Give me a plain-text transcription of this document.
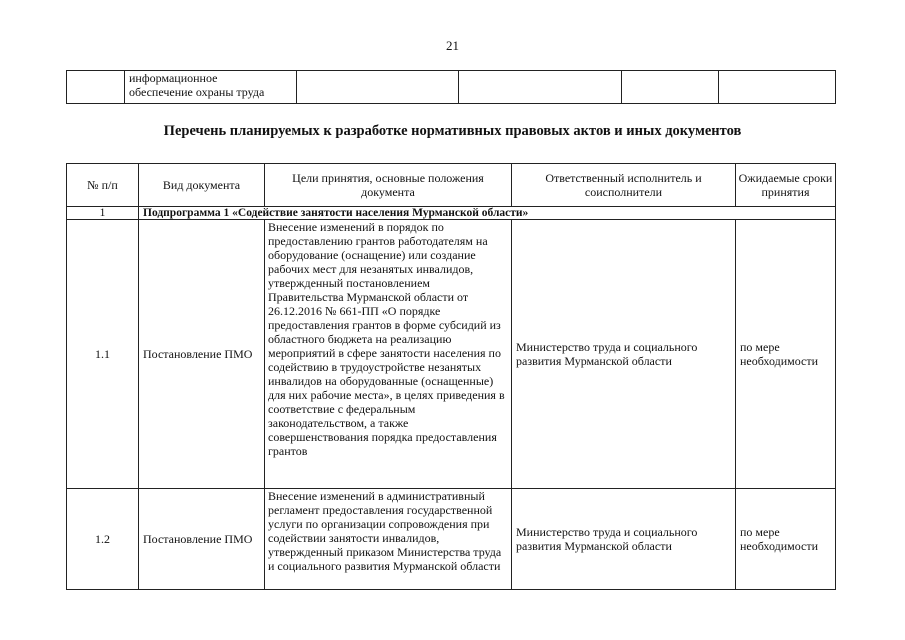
21

информационное
обеспечение охраны труда

Перечень планируемых к разработке нормативных правовых актов и иных документов
№ п/п	Вид документа	Цели принятия, основные положения документа	Ответственный исполнитель и соисполнители	Ожидаемые сроки принятия
1	Подпрограмма 1 «Содействие занятости населения Мурманской области»			
1.1	Постановление ПМО	Внесение изменений в порядок по предоставлению грантов работодателям на оборудование (оснащение) или создание рабочих мест для незанятых инвалидов, утвержденный постановлением Правительства Мурманской области от 26.12.2016 № 661-ПП «О порядке предоставления грантов в форме субсидий из областного бюджета на реализацию мероприятий в сфере занятости населения по содействию в трудоустройстве незанятых инвалидов на оборудованные (оснащенные) для них рабочие места», в целях приведения в соответствие с федеральным законодательством, а также совершенствования порядка предоставления грантов	Министерство труда и социального развития Мурманской области	по мере необходимости
1.2	Постановление ПМО	Внесение изменений в административный регламент предоставления государственной услуги по организации сопровождения при содействии занятости инвалидов, утвержденный приказом Министерства труда и социального развития Мурманской области	Министерство труда и социального развития Мурманской области	по мере необходимости
